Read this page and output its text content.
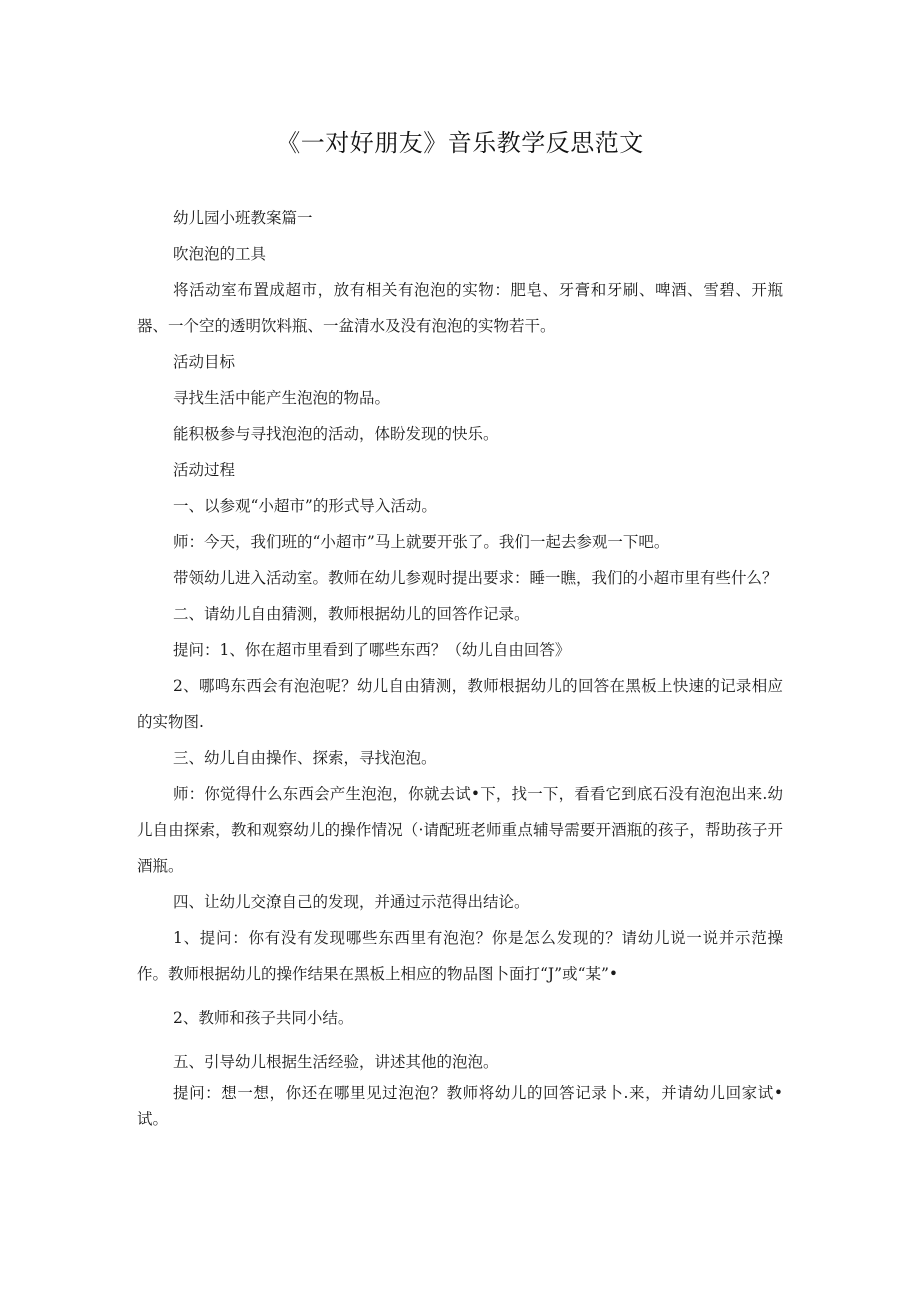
《一对好朋友》音乐教学反思范文

幼儿园小班教案篇一

吹泡泡的工具

将活动室布置成超市，放有相关有泡泡的实物：肥皂、牙膏和牙刷、啤酒、雪碧、开瓶器、一个空的透明饮料瓶、一盆清水及没有泡泡的实物若干。

活动目标

寻找生活中能产生泡泡的物品。

能积极参与寻找泡泡的活动，体盼发现的快乐。

活动过程

一、以参观“小超市”的形式导入活动。

师：今天，我们班的“小超市”马上就要开张了。我们一起去参观一下吧。

带领幼儿进入活动室。教师在幼儿参观时提出要求：睡一瞧，我们的小超市里有些什么？

二、请幼儿自由猜测，教师根据幼儿的回答作记录。

提问：1、你在超市里看到了哪些东西？（幼儿自由回答》

2、哪鸣东西会有泡泡呢？幼儿自由猜测，教师根据幼儿的回答在黑板上快速的记录相应的实物图.

三、幼儿自由操作、探索，寻找泡泡。

师：你觉得什么东西会产生泡泡，你就去试•下，找一下，看看它到底石没有泡泡出来.幼儿自由探索，教和观察幼儿的操作情况（·请配班老师重点辅导需要开酒瓶的孩子，帮助孩子开酒瓶。

四、让幼儿交潦自己的发现，并通过示范得出结论。

1、提问：你有没有发现哪些东西里有泡泡？你是怎么发现的？请幼儿说一说并示范操作。教师根据幼儿的操作结果在黑板上相应的物品图卜面打“J”或“某”•

2、教师和孩子共同小结。

五、引导幼儿根据生活经验，讲述其他的泡泡。

提问：想一想，你还在哪里见过泡泡？教师将幼儿的回答记录卜.来，并请幼儿回家试•试。
